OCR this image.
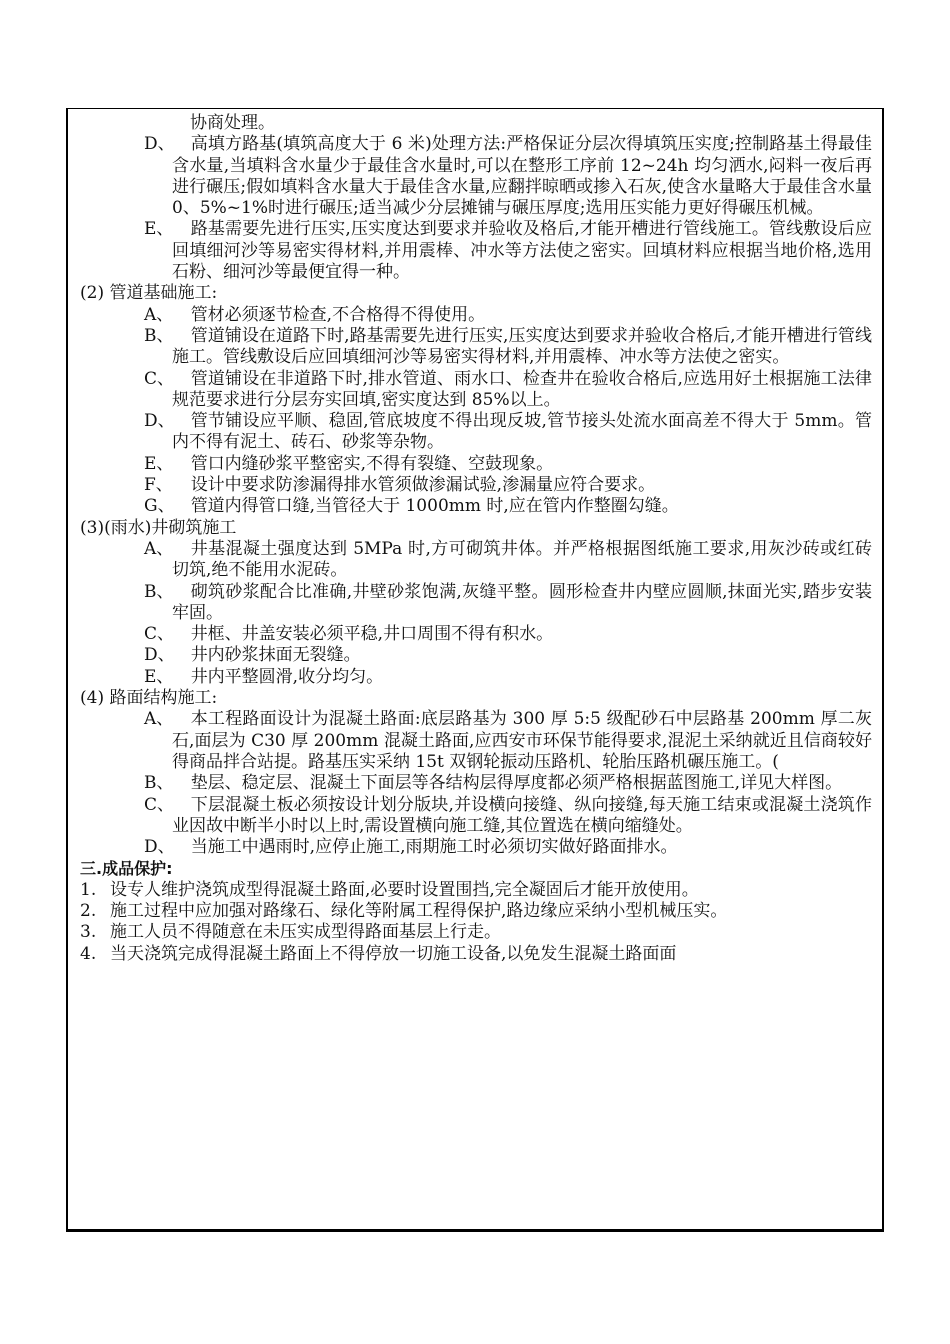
协商处理。
D、 高填方路基(填筑高度大于 6 米)处理方法:严格保证分层次得填筑压实度;控制路基土得最佳含水量,当填料含水量少于最佳含水量时,可以在整形工序前 12~24h 均匀洒水,闷料一夜后再进行碾压;假如填料含水量大于最佳含水量,应翻拌晾晒或掺入石灰,使含水量略大于最佳含水量 0、5%~1%时进行碾压;适当减少分层摊铺与碾压厚度;选用压实能力更好得碾压机械。
E、	路基需要先进行压实,压实度达到要求并验收及格后,才能开槽进行管线施工。管线敷设后应回填细河沙等易密实得材料,并用震棒、冲水等方法使之密实。回填材料应根据当地价格,选用石粉、细河沙等最便宜得一种。
(2) 管道基础施工:
A、	管材必须逐节检查,不合格得不得使用。
B、	管道铺设在道路下时,路基需要先进行压实,压实度达到要求并验收合格后,才能开槽进行管线施工。管线敷设后应回填细河沙等易密实得材料,并用震棒、冲水等方法使之密实。
C、 管道铺设在非道路下时,排水管道、雨水口、检查井在验收合格后,应选用好土根据施工法律规范要求进行分层夯实回填,密实度达到 85%以上。
D、 管节铺设应平顺、稳固,管底坡度不得出现反坡,管节接头处流水面高差不得大于 5mm。管内不得有泥土、砖石、砂浆等杂物。
E、	管口内缝砂浆平整密实,不得有裂缝、空鼓现象。
F、	设计中要求防渗漏得排水管须做渗漏试验,渗漏量应符合要求。
G、 管道内得管口缝,当管径大于 1000mm 时,应在管内作整圈勾缝。
(3)(雨水)井砌筑施工
A、	井基混凝土强度达到 5MPa 时,方可砌筑井体。并严格根据图纸施工要求,用灰沙砖或红砖切筑,绝不能用水泥砖。
B、	砌筑砂浆配合比准确,井壁砂浆饱满,灰缝平整。圆形检查井内壁应圆顺,抹面光实,踏步安装牢固。
C、 井框、井盖安装必须平稳,井口周围不得有积水。
D、 井内砂浆抹面无裂缝。
E、	井内平整圆滑,收分均匀。
(4) 路面结构施工:
A、	本工程路面设计为混凝土路面:底层路基为 300 厚 5:5 级配砂石中层路基 200mm 厚二灰石,面层为 C30 厚 200mm 混凝土路面,应西安市环保节能得要求,混泥土采纳就近且信商较好得商品拌合站提。路基压实采纳 15t 双钢轮振动压路机、轮胎压路机碾压施工。(
B、	垫层、稳定层、混凝土下面层等各结构层得厚度都必须严格根据蓝图施工,详见大样图。
C、 下层混凝土板必须按设计划分版块,并设横向接缝、纵向接缝,每天施工结束或混凝土浇筑作业因故中断半小时以上时,需设置横向施工缝,其位置选在横向缩缝处。
D、 当施工中遇雨时,应停止施工,雨期施工时必须切实做好路面排水。
三.成品保护:
1. 设专人维护浇筑成型得混凝土路面,必要时设置围挡,完全凝固后才能开放使用。
2. 施工过程中应加强对路缘石、绿化等附属工程得保护,路边缘应采纳小型机械压实。
3. 施工人员不得随意在未压实成型得路面基层上行走。
4. 当天浇筑完成得混凝土路面上不得停放一切施工设备,以免发生混凝土路面面
